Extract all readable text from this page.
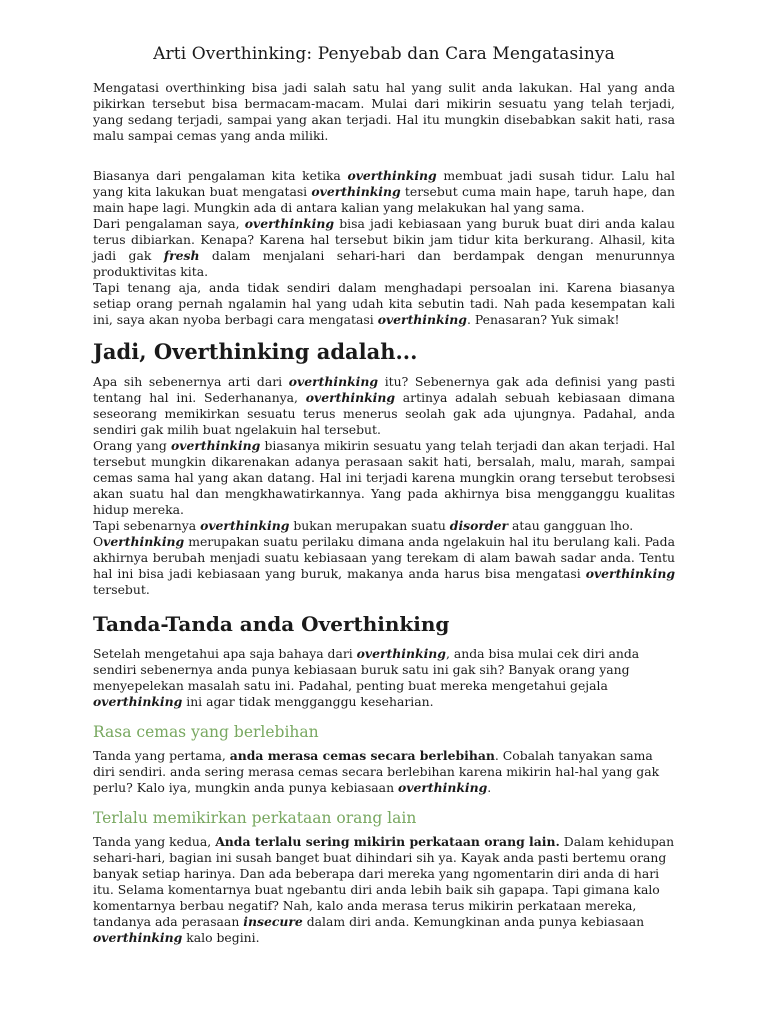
Arti Overthinking: Penyebab dan Cara Mengatasinya

Mengatasi overthinking bisa jadi salah satu hal yang sulit anda lakukan. Hal yang anda pikirkan tersebut bisa bermacam-macam. Mulai dari mikirin sesuatu yang telah terjadi, yang sedang terjadi, sampai yang akan terjadi. Hal itu mungkin disebabkan sakit hati, rasa malu sampai cemas yang anda miliki.

Biasanya dari pengalaman kita ketika overthinking membuat jadi susah tidur. Lalu hal yang kita lakukan buat mengatasi overthinking tersebut cuma main hape, taruh hape, dan main hape lagi. Mungkin ada di antara kalian yang melakukan hal yang sama.

Dari pengalaman saya, overthinking bisa jadi kebiasaan yang buruk buat diri anda kalau terus dibiarkan. Kenapa? Karena hal tersebut bikin jam tidur kita berkurang. Alhasil, kita jadi gak fresh dalam menjalani sehari-hari dan berdampak dengan menurunnya produktivitas kita.

Tapi tenang aja, anda tidak sendiri dalam menghadapi persoalan ini. Karena biasanya setiap orang pernah ngalamin hal yang udah kita sebutin tadi. Nah pada kesempatan kali ini, saya akan nyoba berbagi cara mengatasi overthinking. Penasaran? Yuk simak!

Jadi, Overthinking adalah...

Apa sih sebenernya arti dari overthinking itu? Sebenernya gak ada definisi yang pasti tentang hal ini. Sederhananya, overthinking artinya adalah sebuah kebiasaan dimana seseorang memikirkan sesuatu terus menerus seolah gak ada ujungnya. Padahal, anda sendiri gak milih buat ngelakuin hal tersebut.

Orang yang overthinking biasanya mikirin sesuatu yang telah terjadi dan akan terjadi. Hal tersebut mungkin dikarenakan adanya perasaan sakit hati, bersalah, malu, marah, sampai cemas sama hal yang akan datang. Hal ini terjadi karena mungkin orang tersebut terobsesi akan suatu hal dan mengkhawatirkannya. Yang pada akhirnya bisa mengganggu kualitas hidup mereka.

Tapi sebenarnya overthinking bukan merupakan suatu disorder atau gangguan lho.

Overthinking merupakan suatu perilaku dimana anda ngelakuin hal itu berulang kali. Pada akhirnya berubah menjadi suatu kebiasaan yang terekam di alam bawah sadar anda. Tentu hal ini bisa jadi kebiasaan yang buruk, makanya anda harus bisa mengatasi overthinking tersebut.

Tanda-Tanda anda Overthinking

Setelah mengetahui apa saja bahaya dari overthinking, anda bisa mulai cek diri anda sendiri sebenernya anda punya kebiasaan buruk satu ini gak sih? Banyak orang yang menyepelekan masalah satu ini. Padahal, penting buat mereka mengetahui gejala overthinking ini agar tidak mengganggu keseharian.

Rasa cemas yang berlebihan

Tanda yang pertama, anda merasa cemas secara berlebihan. Cobalah tanyakan sama diri sendiri. anda sering merasa cemas secara berlebihan karena mikirin hal-hal yang gak perlu? Kalo iya, mungkin anda punya kebiasaan overthinking.

Terlalu memikirkan perkataan orang lain

Tanda yang kedua, Anda terlalu sering mikirin perkataan orang lain. Dalam kehidupan sehari-hari, bagian ini susah banget buat dihindari sih ya. Kayak anda pasti bertemu orang banyak setiap harinya. Dan ada beberapa dari mereka yang ngomentarin diri anda di hari itu. Selama komentarnya buat ngebantu diri anda lebih baik sih gapapa. Tapi gimana kalo komentarnya berbau negatif? Nah, kalo anda merasa terus mikirin perkataan mereka, tandanya ada perasaan insecure dalam diri anda. Kemungkinan anda punya kebiasaan overthinking kalo begini.
